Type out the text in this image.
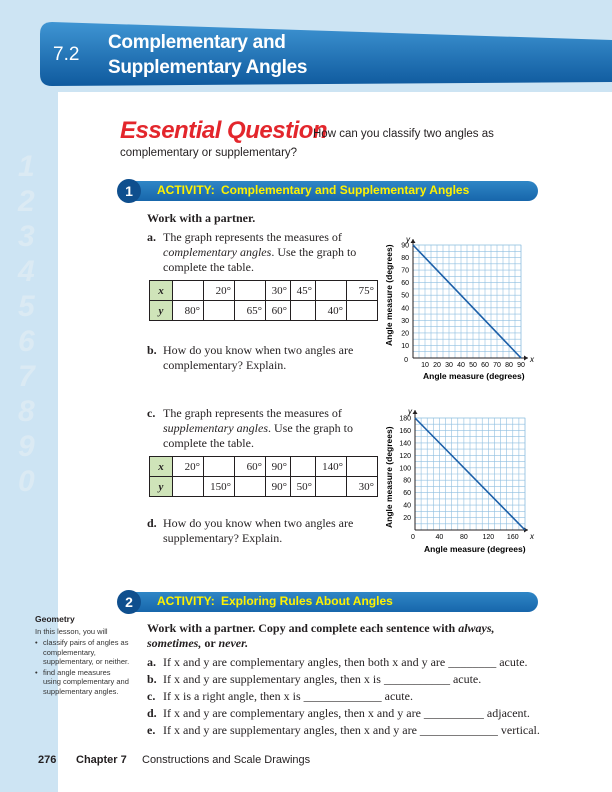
7.2
Complementary and
Supplementary Angles
1
2
3
4
5
6
7
8
9
0
Essential Question
How can you classify two angles as
complementary or supplementary?
1	ACTIVITY: Complementary and Supplementary Angles
Work with a partner.
a. The graph represents the measures of
complementary angles. Use the graph to
complete the table.
x		20°		30°	45°		75°
y	80°		65°	60°		40°	
b. How do you know when two angles are
complementary? Explain.
c. The graph represents the measures of
supplementary angles. Use the graph to
complete the table.
x	20°		60°	90°		140°	
y		150°		90°	50°		30°
d. How do you know when two angles are
supplementary? Explain.
10
20
30
40
50
60
70
80
90
10 20 30 40 50 60 70 80 90
0
y
x
Angle measure (degrees)
Angle measure (degrees)
20
40
60
80
100
120
140
160
180
40 80 120 160
0
y
x
Angle measure (degrees)
Angle measure (degrees)
2	ACTIVITY: Exploring Rules About Angles
Work with a partner. Copy and complete each sentence with always,
sometimes, or never.
a. If x and y are complementary angles, then both x and y are ________ acute.
b. If x and y are supplementary angles, then x is ___________ acute.
c. If x is a right angle, then x is _____________ acute.
d. If x and y are complementary angles, then x and y are __________ adjacent.
e. If x and y are supplementary angles, then x and y are _____________ vertical.
Geometry
In this lesson, you will
• classify pairs of angles as complementary, supplementary, or neither.
• find angle measures using complementary and supplementary angles.
276 Chapter 7 Constructions and Scale Drawings
